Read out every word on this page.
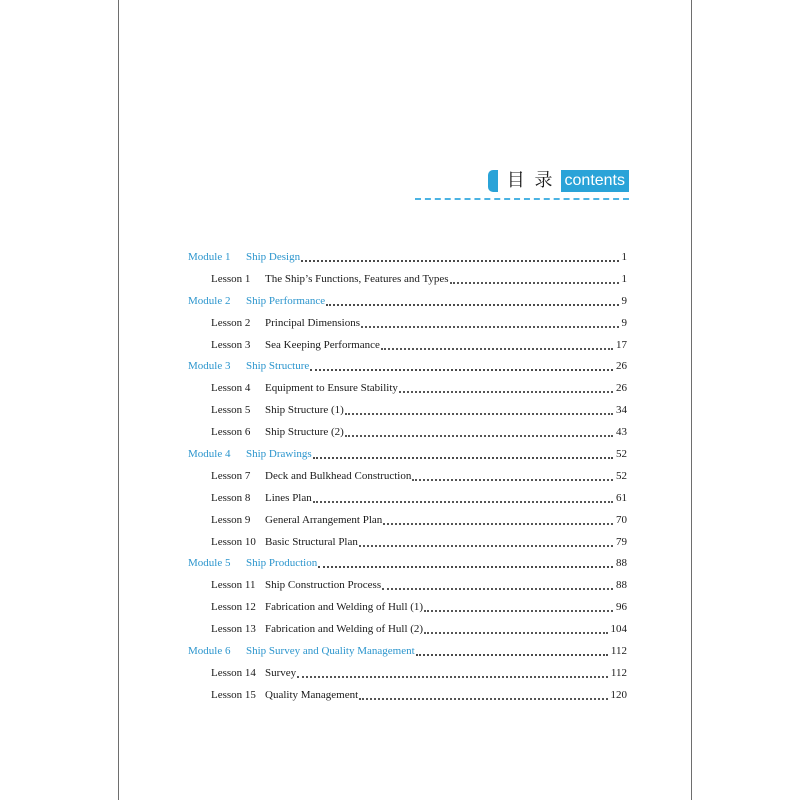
目 录 contents
Module 1	Ship Design	1
Lesson 1	The Ship’s Functions, Features and Types	1
Module 2	Ship Performance	9
Lesson 2	Principal Dimensions	9
Lesson 3	Sea Keeping Performance	17
Module 3	Ship Structure	26
Lesson 4	Equipment to Ensure Stability	26
Lesson 5	Ship Structure (1)	34
Lesson 6	Ship Structure (2)	43
Module 4	Ship Drawings	52
Lesson 7	Deck and Bulkhead Construction	52
Lesson 8	Lines Plan	61
Lesson 9	General Arrangement Plan	70
Lesson 10 Basic Structural Plan	79
Module 5	Ship Production	88
Lesson 11 Ship Construction Process	88
Lesson 12 Fabrication and Welding of Hull (1)	96
Lesson 13 Fabrication and Welding of Hull (2)	104
Module 6	Ship Survey and Quality Management	112
Lesson 14 Survey	112
Lesson 15 Quality Management	120
